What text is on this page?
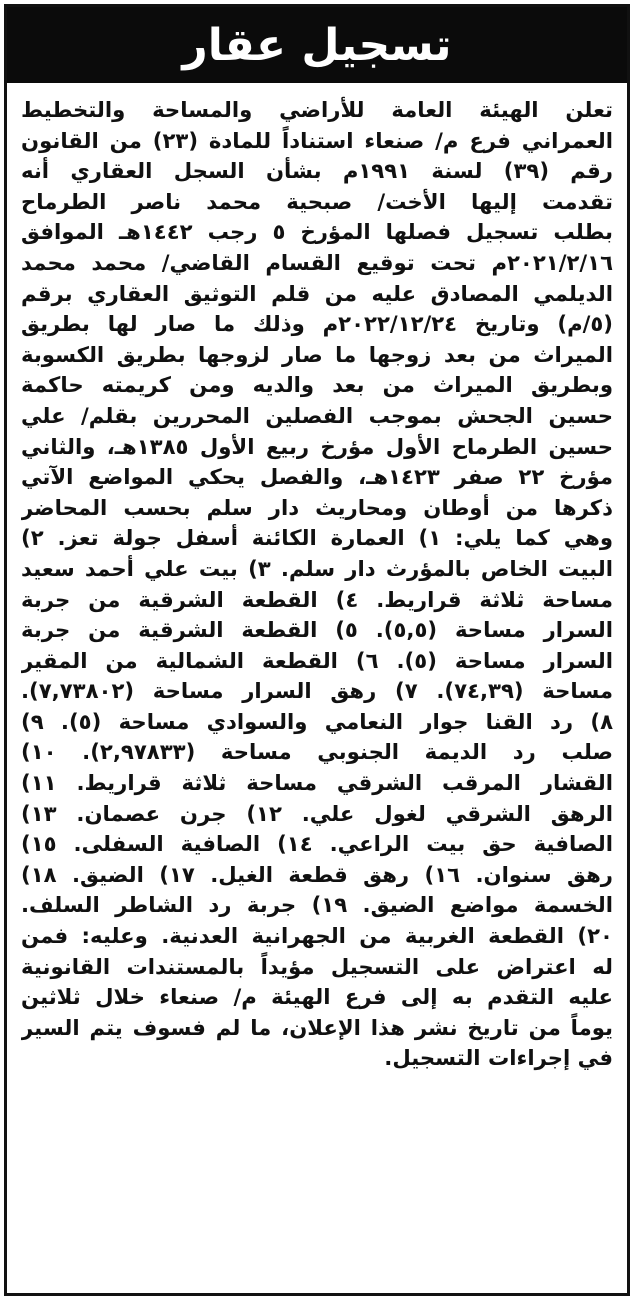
تسجيل عقار
تعلن الهيئة العامة للأراضي والمساحة والتخطيط
العمراني فرع م/ صنعاء استناداً للمادة (٢٣) من القانون
رقم (٣٩) لسنة ١٩٩١م بشأن السجل العقاري أنه
تقدمت إليها الأخت/ صبحية محمد ناصر الطرماح
بطلب تسجيل فصلها المؤرخ ٥ رجب ١٤٤٢هـ الموافق
٢٠٢١/٢/١٦م تحت توقيع القسام القاضي/ محمد محمد
الديلمي المصادق عليه من قلم التوثيق العقاري برقم
(٥/م) وتاريخ ٢٠٢٢/١٢/٢٤م وذلك ما صار لها بطريق
الميراث من بعد زوجها ما صار لزوجها بطريق الكسوبة
وبطريق الميراث من بعد والديه ومن كريمته حاكمة
حسين الجحش بموجب الفصلين المحررين بقلم/ علي
حسين الطرماح الأول مؤرخ ربيع الأول ١٣٨٥هـ، والثاني
مؤرخ ٢٢ صفر ١٤٢٣هـ، والفصل يحكي المواضع الآتي
ذكرها من أوطان ومحاريث دار سلم بحسب المحاضر
وهي كما يلي: ١) العمارة الكائنة أسفل جولة تعز. ٢)
البيت الخاص بالمؤرث دار سلم. ٣) بيت علي أحمد سعيد
مساحة ثلاثة قراريط. ٤) القطعة الشرقية من جربة
السرار مساحة (٥,٥). ٥) القطعة الشرقية من جربة
السرار مساحة (٥). ٦) القطعة الشمالية من المقير
مساحة (٧٤,٣٩). ٧) رهق السرار مساحة (٧,٧٣٨٠٢).
٨) رد القنا جوار النعامي والسوادي مساحة (٥). ٩)
صلب رد الديمة الجنوبي مساحة (٢,٩٧٨٣٣). ١٠)
القشار المرقب الشرقي مساحة ثلاثة قراريط. ١١)
الرهق الشرقي لغول علي. ١٢) جرن عصمان. ١٣)
الصافية حق بيت الراعي. ١٤) الصافية السفلى. ١٥)
رهق سنوان. ١٦) رهق قطعة الغيل. ١٧) الضيق. ١٨)
الخسمة مواضع الضيق. ١٩) جربة رد الشاطر السلف.
٢٠) القطعة الغربية من الجهرانية العدنية. وعليه: فمن
له اعتراض على التسجيل مؤيداً بالمستندات القانونية
عليه التقدم به إلى فرع الهيئة م/ صنعاء خلال ثلاثين
يوماً من تاريخ نشر هذا الإعلان، ما لم فسوف يتم السير
في إجراءات التسجيل.
